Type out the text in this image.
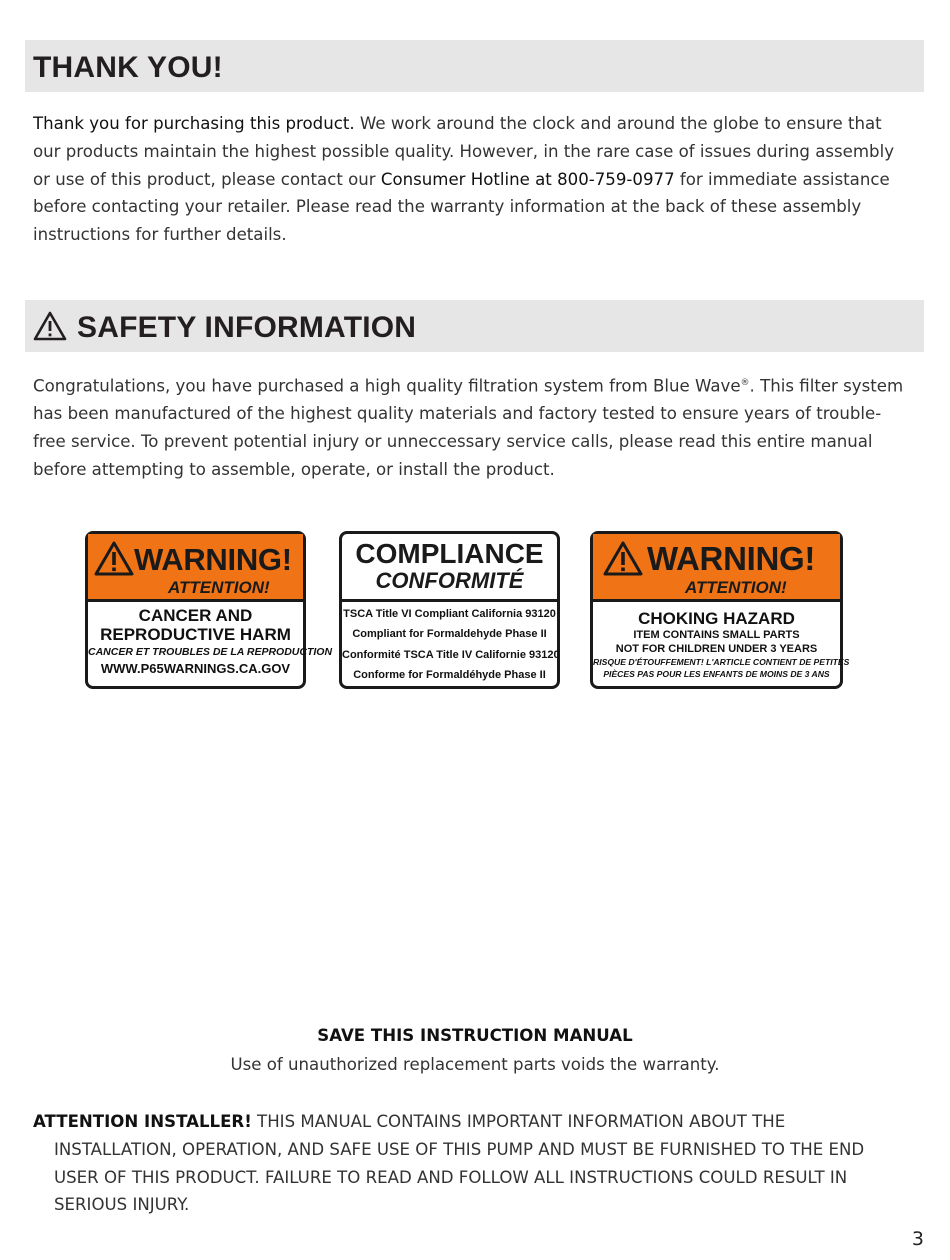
THANK YOU!

Thank you for purchasing this product. We work around the clock and around the globe to ensure that our products maintain the highest possible quality. However, in the rare case of issues during assembly or use of this product, please contact our Consumer Hotline at 800-759-0977 for immediate assistance before contacting your retailer. Please read the warranty information at the back of these assembly instructions for further details.

SAFETY INFORMATION

Congratulations, you have purchased a high quality filtration system from Blue Wave®. This filter system has been manufactured of the highest quality materials and factory tested to ensure years of trouble-free service. To prevent potential injury or unneccessary service calls, please read this entire manual before attempting to assemble, operate, or install the product.

WARNING!
ATTENTION!
CANCER AND
REPRODUCTIVE HARM
CANCER ET TROUBLES DE LA REPRODUCTION
WWW.P65WARNINGS.CA.GOV
COMPLIANCE
CONFORMITÉ
TSCA Title VI Compliant California 93120
Compliant for Formaldehyde Phase II
Conformité TSCA Title IV Californie 93120
Conforme for Formaldéhyde Phase II
WARNING!
ATTENTION!
CHOKING HAZARD
ITEM CONTAINS SMALL PARTS
NOT FOR CHILDREN UNDER 3 YEARS
RISQUE D'ÉTOUFFEMENT! L'ARTICLE CONTIENT DE PETITES
PIÈCES PAS POUR LES ENFANTS DE MOINS DE 3 ANS

SAVE THIS INSTRUCTION MANUAL

Use of unauthorized replacement parts voids the warranty.

ATTENTION INSTALLER! THIS MANUAL CONTAINS IMPORTANT INFORMATION ABOUT THE INSTALLATION, OPERATION, AND SAFE USE OF THIS PUMP AND MUST BE FURNISHED TO THE END USER OF THIS PRODUCT. FAILURE TO READ AND FOLLOW ALL INSTRUCTIONS COULD RESULT IN SERIOUS INJURY.

3
